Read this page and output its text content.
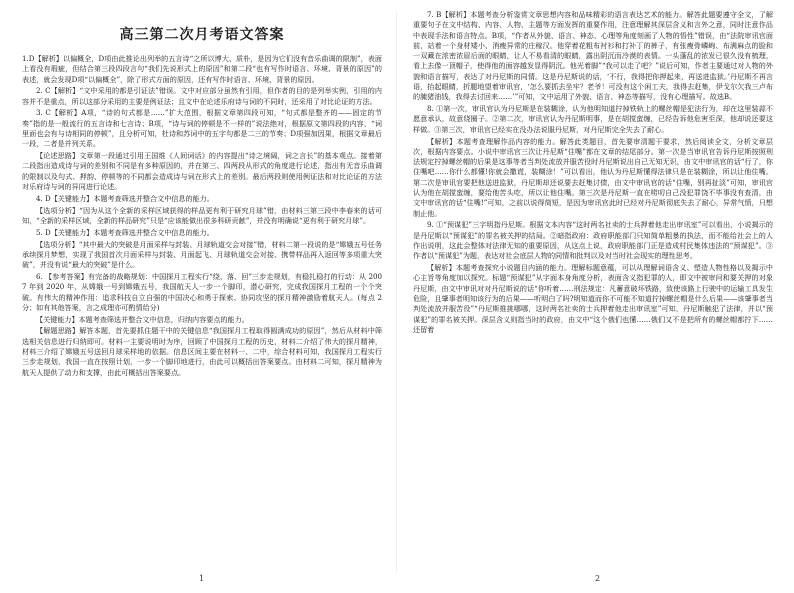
高三第二次月考语文答案

1.D【解析】以偏概全，D项由此推论出列举的五言诗“之所以博大、质朴，是因为它们没有音乐曲调的限制”，表面上看没有瑕疵，但结合第三段四段言句“我们先说形式上的原因”和第二段“也有写作时语言、环境、背景的原因”的表述，就会发现D项“以偏概全”，除了形式方面的原因，还有写作时语言、环境、背景的原因。

2. C【解析】“文中采用的都是引证法”错误。文中对应部分虽然有引用，但作者的目的是列举实例，引用的内容并不是重点，所以这部分采用的主要是例证法；且文中在论述乐府诗与词的不同时，还采用了对比论证的方法。

3. C【解析】A项，“诗的句式都是……”扩大范围，根据文章第四段可知，“句式都是整齐的——固定的节奏”指的是一般流行的五言诗和七言诗；B项，“诗与词的停顿是不一样的”说法绝对，根据原文第四段的内容，“词里面也会有与诗相同的停顿”，且分析可知，杜诗和苏词中的五字句都是二三的节奏；D项强加因果，根据文章最后一段，二者是并列关系。

【论述思路】文章第一段通过引用王国维《人间词话》的内容提出“诗之境阔，词之言长”的基本观点。接着第二段指出造成诗与词的差别和不同是有多种原因的，并在第三、四两段从形式的角度进行论述，指出有无音乐曲调的限制以及句式、押韵、停顿等的不同都会造成诗与词在形式上的差别。最后两段则使用例证法和对比论证的方法对乐府诗与词的异同进行论述。

4. D【关键能力】本题考查筛选并整合文中信息的能力。

【选项分析】“因为从这个全新的采样区域获得的样品更有利于研究月球”错，由材料三第三段中李春来的话可知，“全新的采样区域，全新的样品研究”只是“应该能做出很多科研贡献”，并没有明确说“更有利于研究月球”。

5. D【关键能力】本题考查筛选并整合文中信息的能力。

【选项分析】“其中最大的突破是月面采样与封装、月球轨道交会对接”错，材料二第一段说的是“嫦娥五号任务承续探月梦想，实现了我国首次月面采样与封装、月面起飞、月球轨道交会对接、携带样品再入返回等多项重大突破”，并没有说“最大的突破”是什么。

6. 【参考答案】有完备的战略规划：中国探月工程实行“绕、落、回”三步走规划，有稳扎稳打的行动：从 2007 年到 2020 年，从嫦娥一号到嫦娥五号，我国航天人一步一个脚印，潜心研究，完成我国探月工程的一个个突破。有伟大的精神作用：追求科技自立自强的中国决心和勇于探索、协同攻坚的探月精神激励着航天人。(每点 2 分；如有其他答案，言之成理亦可酌情给分)

【关键能力】本题考查筛选并整合文中信息，归纳内容要点的能力。

【解题思路】解答本题，首先要抓住题干中的关键信息“我国探月工程取得圆满成功的原因”，然后从材料中筛选相关信息进行归纳即可。材料一主要说明时为序，回顾了中国探月工程的历史，材料二介绍了伟大的探月精神，材料三介绍了嫦娥五号送回月球采样地的依据。信息区间主要在材料一、二中，综合材料可知，我国探月工程实行三步走规划，我国一直在按照计划，一步一个脚印地进行，由此可以概括出答案要点。由材料二可知，探月精神为航天人提供了动力和支撑，由此可概括出答案要点。

7. B【解析】本题考查分析鉴赏文章思想内容和品味精彩的语言表达艺术的能力。解答此题要遵守全文，了解重要句子在文中结构、内容、人物、主题等方面发挥的重要作用，注意理解其深层含义和言外之意，同时注意作品中表现手法和语言特点。B项，“作者从外貌、语言、神态、心理等角度刻画了人物的悟性”错误，由“法院审讯官面前，站着一个身材矮小、消瘦异常的庄稼汉。他穿着花粗布衬衫和打补丁的裤子，有张瘦骨嶙峋、布满麻点的脸和一双藏在浓密浓眉后面的眼睛，让人不易看清的眼睛，露出阴沉而冷漠的表情。一头蓬乱的浓发已很久没有梳理，看上去像一顶帽子，使得他的面容越发显得阴沉。他光着脚”“我可以走了吧？”说后可知，作者主要通过对人物的外貌和语言描写，表达了对丹尼斯的同情。这是丹尼斯说的话，‘不行，我得把你押起来，再送进监狱。’丹尼斯不再言语，抬起眼睛，折腿地望着审讯官，‘怎么要抓去坐牢？老爷！可没有这个闲工夫，我得去赶集，伊戈尔欠我三卢布的腌猪油钱，我得去讨回来……’”可知，文中运用了外貌、语言、神态等描写，没有心理描写。故选B。

8. ①第一次，审讯官认为丹尼斯是在装糊涂，认为他明知道拧掉铁轨上的螺丝帽是犯法行为，却在这里装蒜不愿意承认，故意绕圈子。②第二次，审讯官认为丹尼斯明事，是在胡搅蛮缠，已经告诉他危害至深，他却说还要这样做。③第三次，审讯官已经实在没办法说服丹尼斯，对丹尼斯完全失去了耐心。

【解析】本题考查理解作品内容的能力。解答此类题目，首先要审清题干要求，然后阅读全文，分析文章层次，根据内容要点。小说中审讯官三次让丹尼斯“住嘴”都在文章的结尾部分。第一次是当审讯官告诉丹尼斯按照刑法规定拧掉螺丝帽的后果是这事等者当判处流放并服苦役时丹尼斯说出自己无知无识，由文中审讯官的话“行了，你住嘴吧……你什么都懂!你就会撒谎，装糊涂！”可以看出，他认为丹尼斯懂得法律只是在装糊涂，所以让他住嘴。第二次是审讯官要把他送进监狱，丹尼斯却还说要去赶集讨债，由文中审讯官的话“住嘴，别再扯淡”可知，审讯官认为他在胡搅蛮缠，要给他苦头吃，所以让他住嘴。第三次是丹尼斯一直在唠叨自己没犯罪饶不毕事没有查清，由文中审讯官的话“住嘴!”可知，之前以说得简短，是因为审讯官此时已经对丹尼斯彻底失去了耐心，异常气愤，只想制止他。

9. ①“预谋犯”三字明指丹尼斯。根据文本内容“这时两名社卖的士兵押着他走出审讯室”可以看出，小说揭示的是丹尼斯以“预谋犯”的罪名被关押的结局。②暗指政府：政府职能部门只知简单粗暴的执法，而不能给社会上的人作出说明，这此会整体对法律无知的重要原因，从这点上说，政府职能部门正是造成村民集体违法的“预谋犯”。③作者以“预谋犯”为题，表达对社会底层人物的同情和批判以及对当时社会现实的理性思考。

【解析】本题考查探究小说题目内涵的能力。理解标题意蕴，可以从理解词语含义、塑造人物性格以及揭示中心主旨等角度加以探究。标题“预谋犯”从字面本身角度分析，表面含义指犯罪的人，即文中被审问和要关押的对象丹尼斯，由文中审讯对对丹尼斯说的话“你听着……刑法规定：凡蓄意破坏铁路，致使该路上行驶中的运输工具发生危险，且肇事者明知该行为的后果——听明白了吗?明知道而你不可能不知道拧掉螺丝帽是什么后果——该肇事者当判处流放并服苦役”“丹尼斯推挑哪哪，这时两名社卖的士兵押着他走出审讯室”可知，丹尼斯触犯了法律，并以“预谋犯”的罪名被关押。深层含义则指当时的政府，由文中“这个俄们也懂……俄们又不是把所有的螺丝帽都拧下……还留着

1	2
